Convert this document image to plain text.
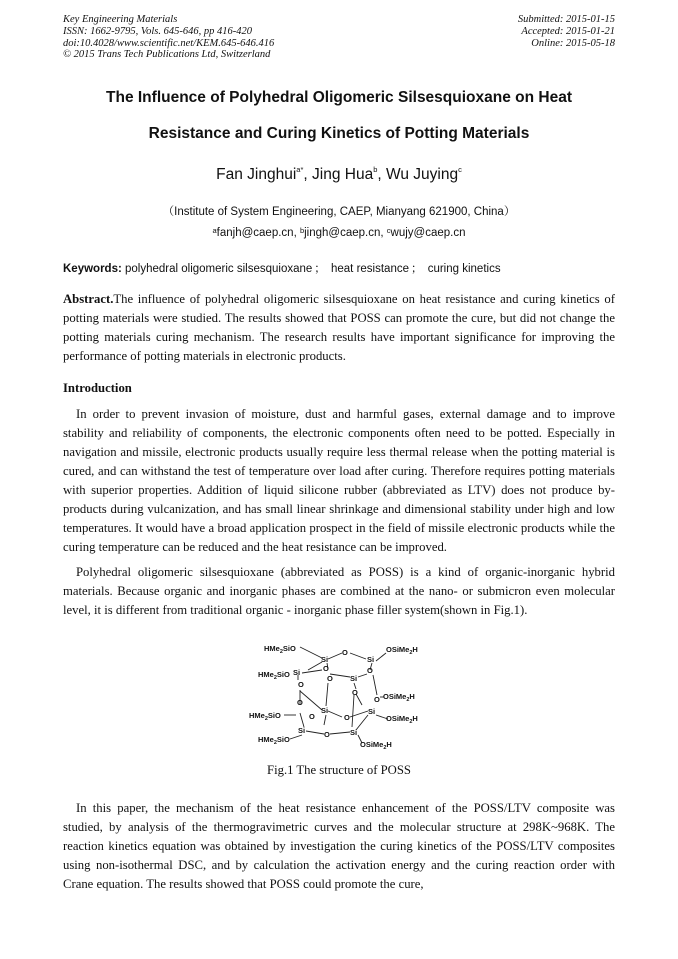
Key Engineering Materials
ISSN: 1662-9795, Vols. 645-646, pp 416-420
doi:10.4028/www.scientific.net/KEM.645-646.416
© 2015 Trans Tech Publications Ltd, Switzerland
Submitted: 2015-01-15
Accepted: 2015-01-21
Online: 2015-05-18
The Influence of Polyhedral Oligomeric Silsesquioxane on Heat
Resistance and Curing Kinetics of Potting Materials
Fan Jinghui$^{a*}$, Jing Hua$^b$, Wu Juying$^c$
（Institute of System Engineering, CAEP, Mianyang 621900, China）
$^a$fanjh@caep.cn, $^b$jingh@caep.cn, $^c$wujy@caep.cn
Keywords: polyhedral oligomeric silsesquioxane ； heat resistance ； curing kinetics
Abstract.The influence of polyhedral oligomeric silsesquioxane on heat resistance and curing kinetics of potting materials were studied. The results showed that POSS can promote the cure, but did not change the potting materials curing mechanism. The research results have important significance for improving the performance of potting materials in electronic products.
Introduction
In order to prevent invasion of moisture, dust and harmful gases, external damage and to improve stability and reliability of components, the electronic components often need to be potted. Especially in navigation and missile, electronic products usually require less thermal release when the potting material is cured, and can withstand the test of temperature over load after curing. Therefore requires potting materials with superior properties. Addition of liquid silicone rubber (abbreviated as LTV) does not produce by-products during vulcanization, and has small linear shrinkage and dimensional stability under high and low temperatures. It would have a broad application prospect in the field of missile electronic products while the curing temperature can be reduced and the heat resistance can be improved.
Polyhedral oligomeric silsesquioxane (abbreviated as POSS) is a kind of organic-inorganic hybrid materials. Because organic and inorganic phases are combined at the nano- or submicron even molecular level, it is different from traditional organic - inorganic phase filler system(shown in Fig.1).
Si	Si
Si
Si
Si	Si
Si	Si
O
O	O
O
O
O
O
O
O	O
O
HMe$_2$SiO	OSiMe$_2$H
HMe$_2$SiO
OSiMe$_2$H
HMe$_2$SiO	OSiMe$_2$H
HMe$_2$SiO
OSiMe$_2$H
Fig.1 The structure of POSS
In this paper, the mechanism of the heat resistance enhancement of the POSS/LTV composite was studied, by analysis of the thermogravimetric curves and the molecular structure at 298K~968K. The reaction kinetics equation was obtained by investigation the curing kinetics of the POSS/LTV composites using non-isothermal DSC, and by calculation the activation energy and the curing reaction order with Crane equation. The results showed that POSS could promote the cure,
